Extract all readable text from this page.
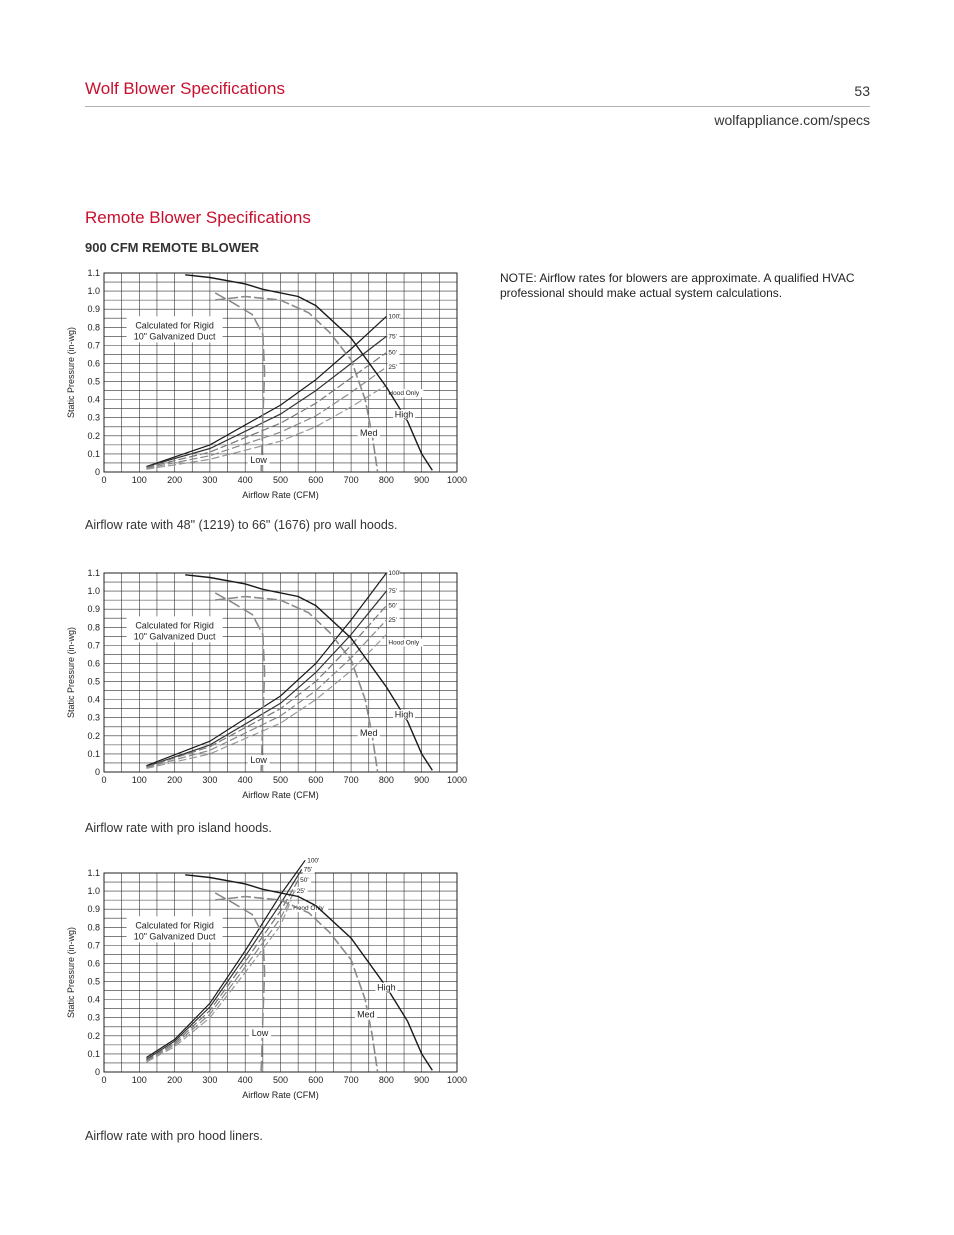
Wolf Blower Specifications	53
wolfappliance.com/specs
Remote Blower Specifications
900 CFM REMOTE BLOWER
NOTE: Airflow rates for blowers are approximate. A qualified HVAC professional should make actual system calculations.
0	100 200 300 400 500 600 700 800 900 1000
0
0.1
0.2
0.3
0.4
0.5
0.6
0.7
0.8
0.9
1.0
1.1
Airflow Rate (CFM)
Static Pressure (in-wg)
Calculated for Rigid
10" Galvanized Duct
100'
75'
50'
25'
Hood Only
High
Med
Low
Airflow rate with 48" (1219) to 66" (1676) pro wall hoods.
0	100 200 300 400 500 600 700 800 900 1000
0
0.1
0.2
0.3
0.4
0.5
0.6
0.7
0.8
0.9
1.0
1.1
Airflow Rate (CFM)
Static Pressure (in-wg)
Calculated for Rigid
10" Galvanized Duct
100'
75'
50'
25'
Hood Only
High
Med
Low
Airflow rate with pro island hoods.
0	100 200 300 400 500 600 700 800 900 1000
0
0.1
0.2
0.3
0.4
0.5
0.6
0.7
0.8
0.9
1.0
1.1
Airflow Rate (CFM)
Static Pressure (in-wg)
Calculated for Rigid
10" Galvanized Duct
100'
75'
50'
25'
Hood Only
High
Med
Low
Airflow rate with pro hood liners.
